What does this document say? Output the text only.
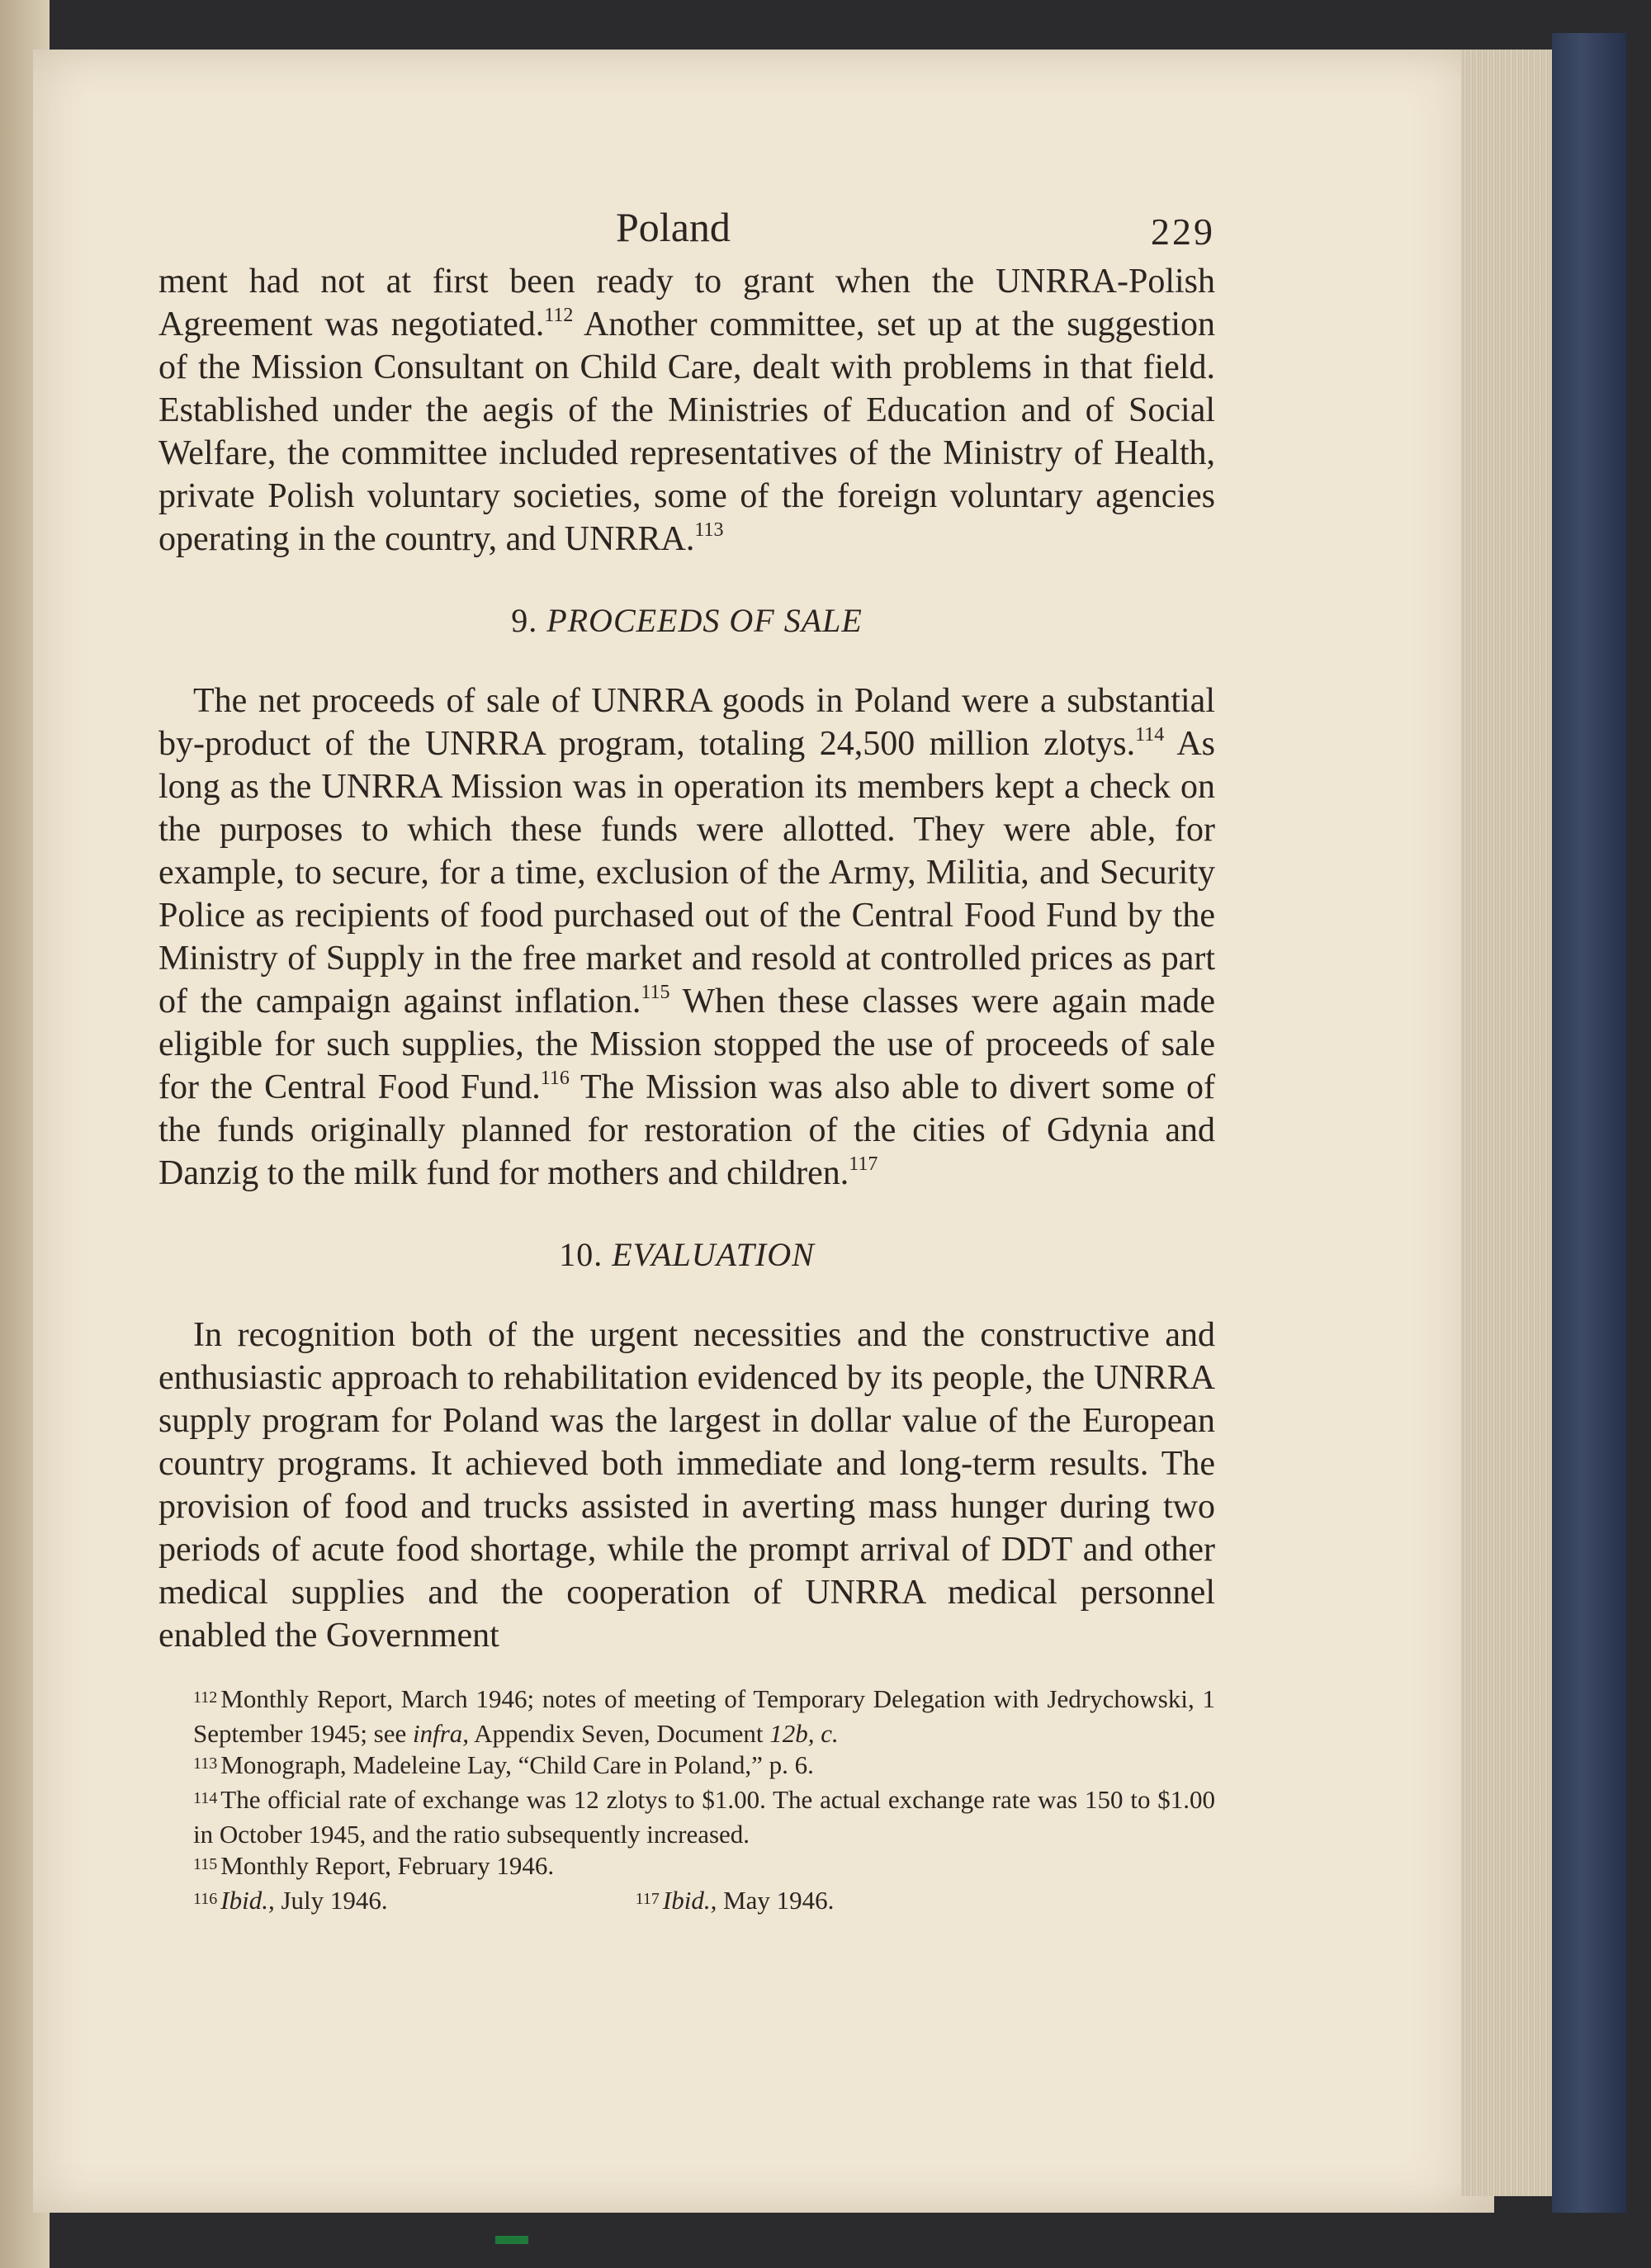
Poland	229

ment had not at first been ready to grant when the UNRRA-Polish Agreement was negotiated.$^{112}$ Another committee, set up at the suggestion of the Mission Consultant on Child Care, dealt with problems in that field. Established under the aegis of the Ministries of Education and of Social Welfare, the committee included representatives of the Ministry of Health, private Polish voluntary societies, some of the foreign voluntary agencies operating in the country, and UNRRA.$^{113}$

9. PROCEEDS OF SALE

The net proceeds of sale of UNRRA goods in Poland were a substantial by-product of the UNRRA program, totaling 24,500 million zlotys.$^{114}$ As long as the UNRRA Mission was in operation its members kept a check on the purposes to which these funds were allotted. They were able, for example, to secure, for a time, exclusion of the Army, Militia, and Security Police as recipients of food purchased out of the Central Food Fund by the Ministry of Supply in the free market and resold at controlled prices as part of the campaign against inflation.$^{115}$ When these classes were again made eligible for such supplies, the Mission stopped the use of proceeds of sale for the Central Food Fund.$^{116}$ The Mission was also able to divert some of the funds originally planned for restoration of the cities of Gdynia and Danzig to the milk fund for mothers and children.$^{117}$

10. EVALUATION

In recognition both of the urgent necessities and the constructive and enthusiastic approach to rehabilitation evidenced by its people, the UNRRA supply program for Poland was the largest in dollar value of the European country programs. It achieved both immediate and long-term results. The provision of food and trucks assisted in averting mass hunger during two periods of acute food shortage, while the prompt arrival of DDT and other medical supplies and the cooperation of UNRRA medical personnel enabled the Government

112 Monthly Report, March 1946; notes of meeting of Temporary Delegation with Jedrychowski, 1 September 1945; see infra, Appendix Seven, Document 12b, c.

113 Monograph, Madeleine Lay, “Child Care in Poland,” p. 6.

114 The official rate of exchange was 12 zlotys to $1.00. The actual exchange rate was 150 to $1.00 in October 1945, and the ratio subsequently increased.

115 Monthly Report, February 1946.

116 Ibid., July 1946.	117 Ibid., May 1946.
